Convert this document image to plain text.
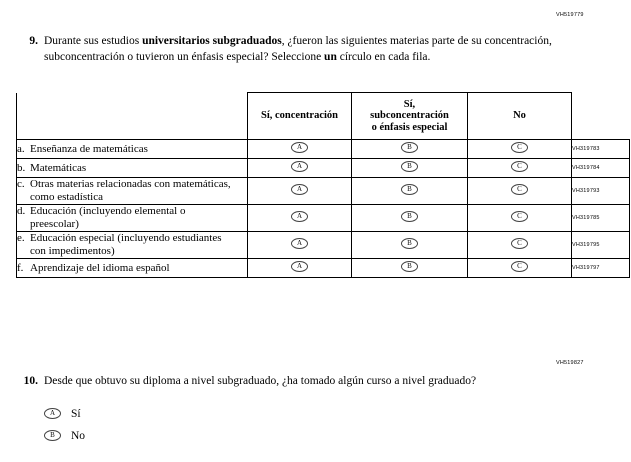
VH519779
VH519827
9. Durante sus estudios universitarios subgraduados, ¿fueron las siguientes materias parte de su concentración, subconcentración o tuvieron un énfasis especial? Seleccione un círculo en cada fila.
	Sí, concentración	Sí,
subconcentración
o énfasis especial	No	
a. Enseñanza de matemáticas	A	B	C	VH319783
b. Matemáticas	A	B	C	VH319784
c. Otras materias relacionadas con matemáticas, como estadística	A	B	C	VH319793
d. Educación (incluyendo elemental o preescolar)	A	B	C	VH319785
e. Educación especial (incluyendo estudiantes con impedimentos)	A	B	C	VH319795
f. Aprendizaje del idioma español	A	B	C	VH319797
10. Desde que obtuvo su diploma a nivel subgraduado, ¿ha tomado algún curso a nivel graduado?
A	Sí
B	No
